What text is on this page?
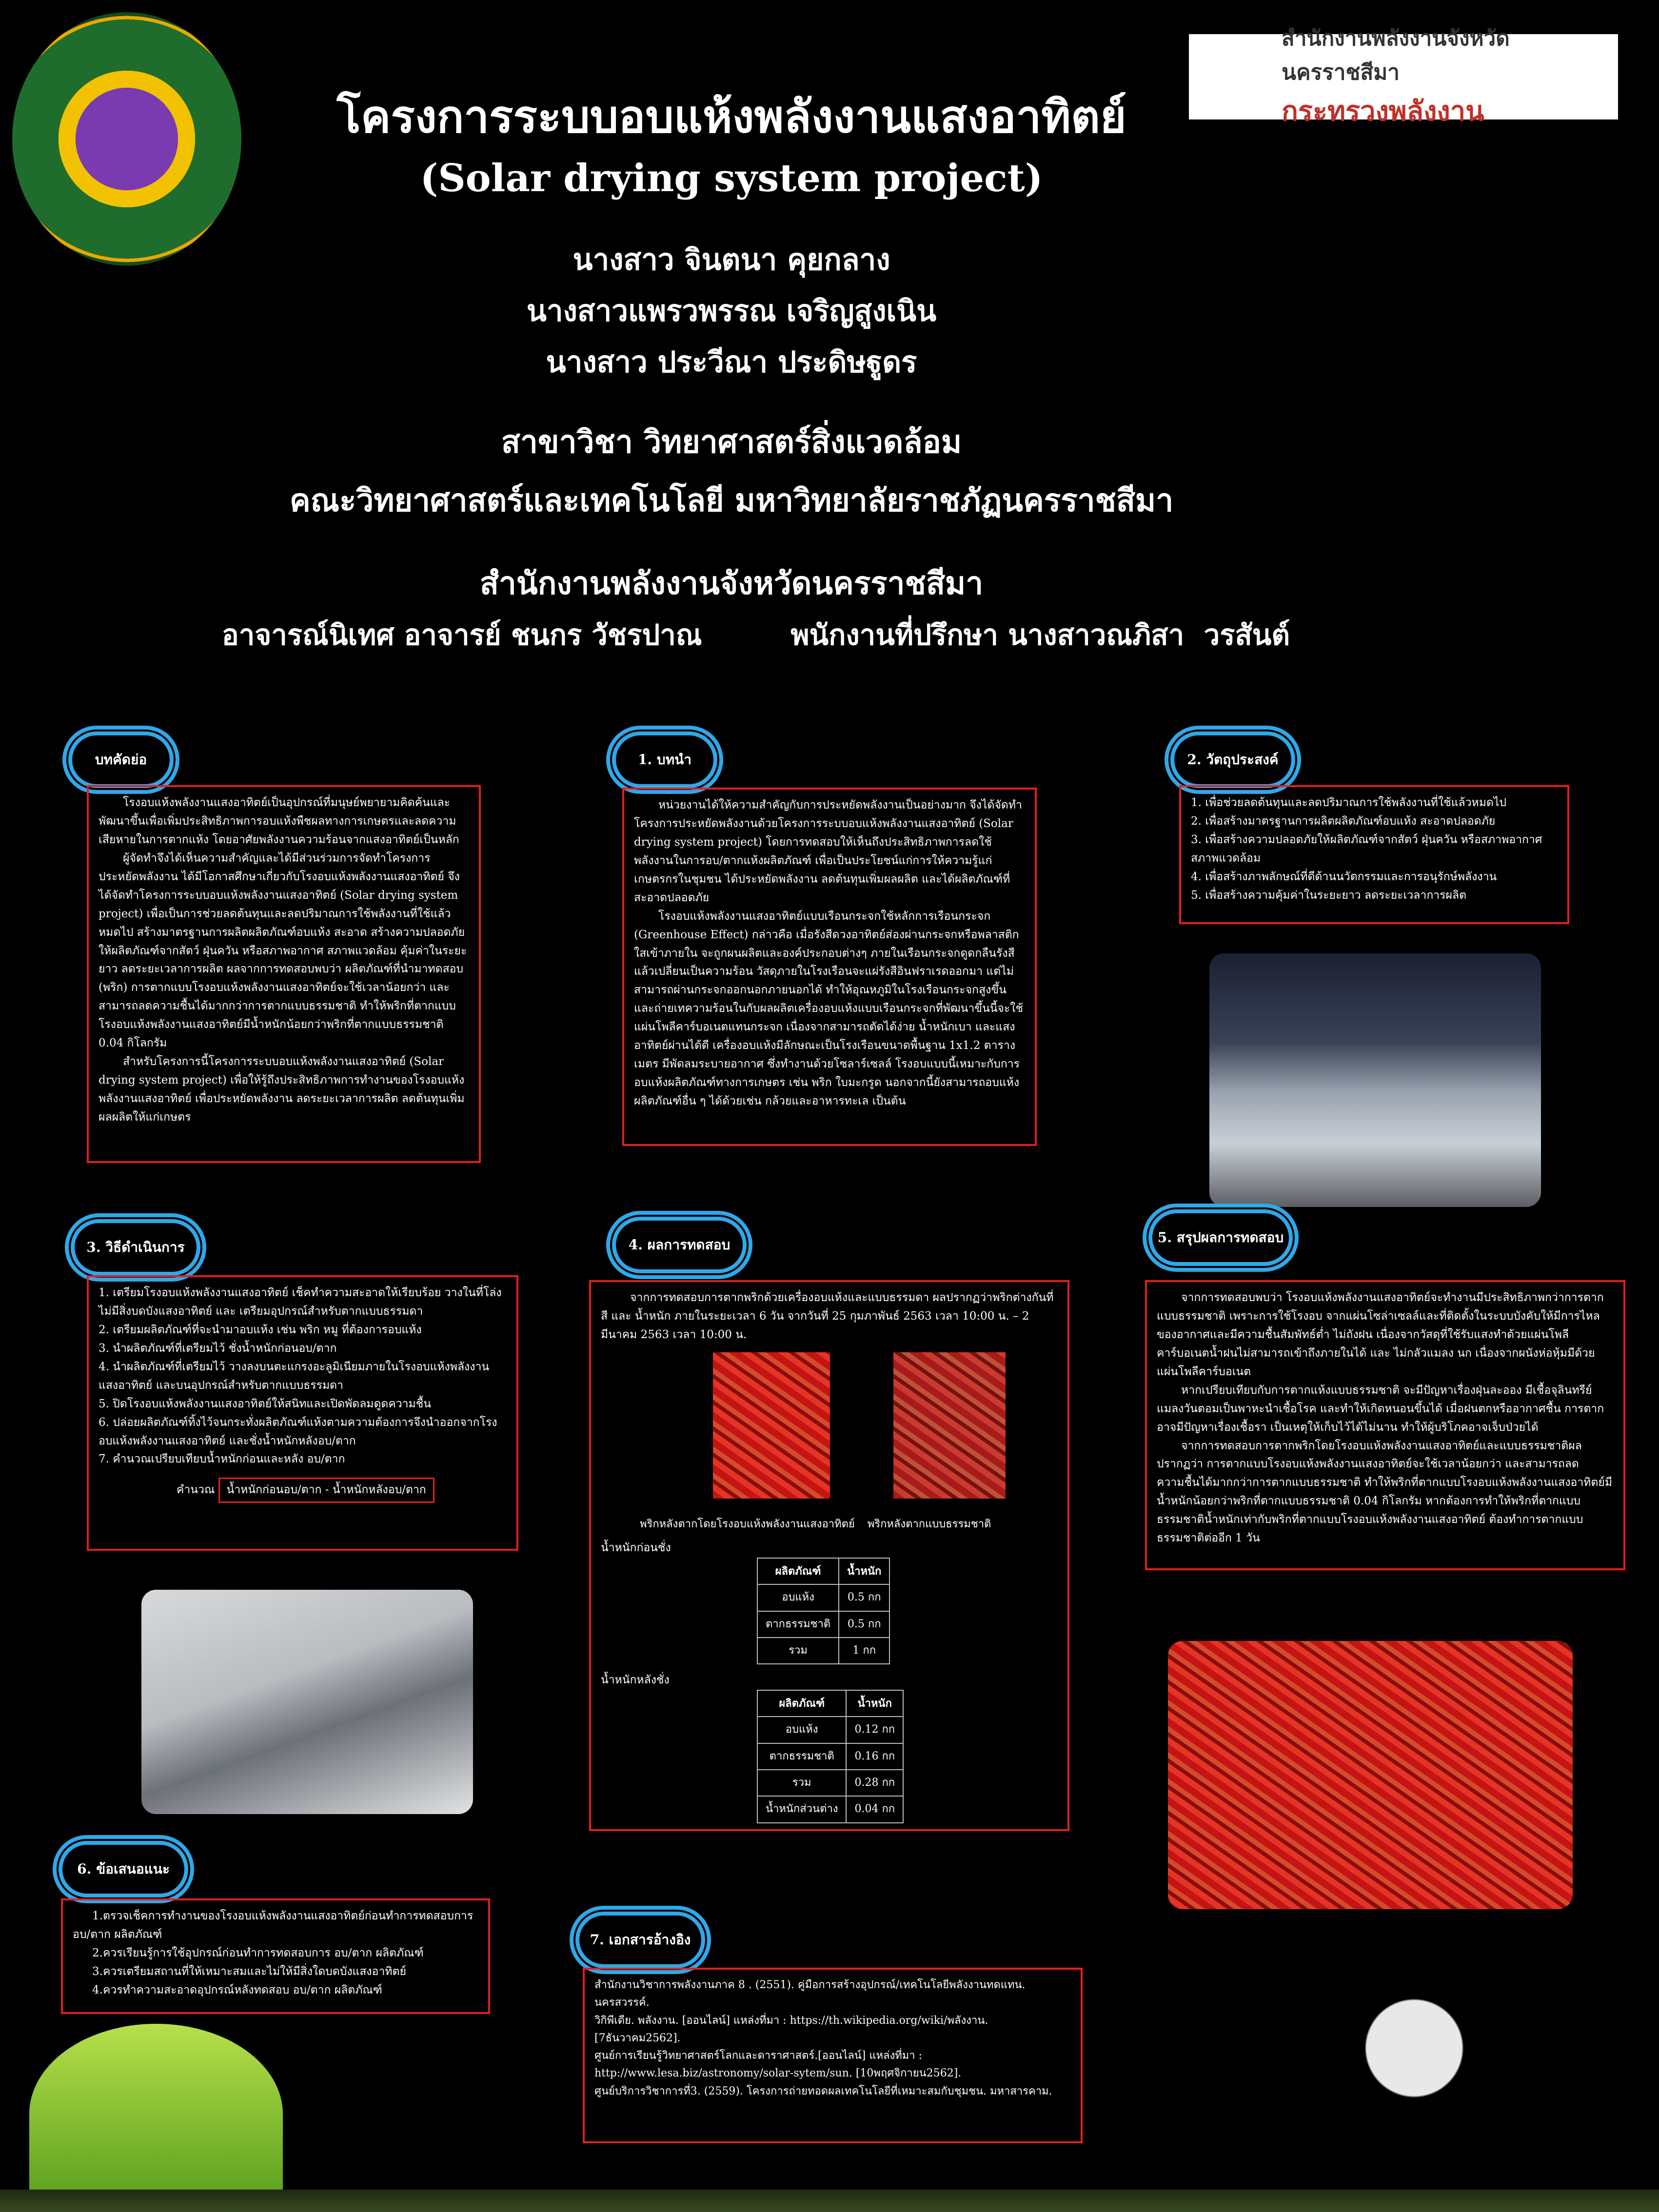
สำนักงานพลังงานจังหวัดนครราชสีมา
กระทรวงพลังงาน
โครงการระบบอบแห้งพลังงานแสงอาทิตย์
(Solar drying system project)
นางสาว จินตนา คุยกลาง
นางสาวแพรวพรรณ เจริญสูงเนิน
นางสาว ประวีณา ประดิษฐูดร
สาขาวิชา วิทยาศาสตร์สิ่งแวดล้อม
คณะวิทยาศาสตร์และเทคโนโลยี มหาวิทยาลัยราชภัฏนครราชสีมา
สำนักงานพลังงานจังหวัดนครราชสีมา
อาจารณ์นิเทศ อาจารย์ ชนกร วัชรปาณ         พนักงานที่ปรึกษา นางสาวณภิสา  วรสันต์
บทคัดย่อ

โรงอบแห้งพลังงานแสงอาทิตย์เป็นอุปกรณ์ที่มนุษย์พยายามคิดค้นและพัฒนาขึ้นเพื่อเพิ่มประสิทธิภาพการอบแห้งพืชผลทางการเกษตรและลดความเสียหายในการตากแห้ง โดยอาศัยพลังงานความร้อนจากแสงอาทิตย์เป็นหลัก

ผู้จัดทำจึงได้เห็นความสำคัญและได้มีส่วนร่วมการจัดทำโครงการประหยัดพลังงาน ได้มีโอกาสศึกษาเกี่ยวกับโรงอบแห้งพลังงานแสงอาทิตย์ จึงได้จัดทำโครงการระบบอบแห้งพลังงานแสงอาทิตย์ (Solar drying system project) เพื่อเป็นการช่วยลดต้นทุนและลดปริมาณการใช้พลังงานที่ใช้แล้วหมดไป สร้างมาตรฐานการผลิตผลิตภัณฑ์อบแห้ง สะอาด สร้างความปลอดภัยให้ผลิตภัณฑ์จากสัตว์ ฝุ่นควัน หรือสภาพอากาศ สภาพแวดล้อม คุ้มค่าในระยะยาว ลดระยะเวลาการผลิต ผลจากการทดสอบพบว่า ผลิตภัณฑ์ที่นำมาทดสอบ (พริก) การตากแบบโรงอบแห้งพลังงานแสงอาทิตย์จะใช้เวลาน้อยกว่า และสามารถลดความชื้นได้มากกว่าการตากแบบธรรมชาติ ทำให้พริกที่ตากแบบโรงอบแห้งพลังงานแสงอาทิตย์มีน้ำหนักน้อยกว่าพริกที่ตากแบบธรรมชาติ 0.04 กิโลกรัม

สำหรับโครงการนี้โครงการระบบอบแห้งพลังงานแสงอาทิตย์ (Solar drying system project) เพื่อให้รู้ถึงประสิทธิภาพการทำงานของโรงอบแห้งพลังงานแสงอาทิตย์ เพื่อประหยัดพลังงาน ลดระยะเวลาการผลิต ลดต้นทุนเพิ่มผลผลิตให้แก่เกษตร

1. บทนำ

หน่วยงานได้ให้ความสำคัญกับการประหยัดพลังงานเป็นอย่างมาก จึงได้จัดทำโครงการประหยัดพลังงานด้วยโครงการระบบอบแห้งพลังงานแสงอาทิตย์ (Solar drying system project) โดยการทดสอบให้เห็นถึงประสิทธิภาพการลดใช้พลังงานในการอบ/ตากแห้งผลิตภัณฑ์ เพื่อเป็นประโยชน์แก่การให้ความรู้แก่เกษตรกรในชุมชน ได้ประหยัดพลังงาน ลดต้นทุนเพิ่มผลผลิต และได้ผลิตภัณฑ์ที่สะอาดปลอดภัย

โรงอบแห้งพลังงานแสงอาทิตย์แบบเรือนกระจกใช้หลักการเรือนกระจก (Greenhouse Effect) กล่าวคือ เมื่อรังสีดวงอาทิตย์ส่องผ่านกระจกหรือพลาสติกใสเข้าภายใน จะถูกผนผลิตและองค์ประกอบต่างๆ ภายในเรือนกระจกดูดกลืนรังสีแล้วเปลี่ยนเป็นความร้อน วัสดุภายในโรงเรือนจะแผ่รังสีอินฟราเรดออกมา แต่ไม่สามารถผ่านกระจกออกนอกภายนอกได้ ทำให้อุณหภูมิในโรงเรือนกระจกสูงขึ้นและถ่ายเทความร้อนในกับผลผลิตเครื่องอบแห้งแบบเรือนกระจกที่พัฒนาขึ้นนี้จะใช้แผ่นโพลีคาร์บอเนตแทนกระจก เนื่องจากสามารถตัดได้ง่าย น้ำหนักเบา และแสงอาทิตย์ผ่านได้ดี เครื่องอบแห้งมีลักษณะเป็นโรงเรือนขนาดพื้นฐาน 1x1.2 ตารางเมตร มีพัดลมระบายอากาศ ซึ่งทำงานด้วยโซลาร์เซลล์ โรงอบแบบนี้เหมาะกับการอบแห้งผลิตภัณฑ์ทางการเกษตร เช่น พริก ใบมะกรูด นอกจากนี้ยังสามารถอบแห้งผลิตภัณฑ์อื่น ๆ ได้ด้วยเช่น กล้วยและอาหารทะเล เป็นต้น

2. วัตถุประสงค์
1. เพื่อช่วยลดต้นทุนและลดปริมาณการใช้พลังงานที่ใช้แล้วหมดไป
2. เพื่อสร้างมาตรฐานการผลิตผลิตภัณฑ์อบแห้ง สะอาดปลอดภัย
3. เพื่อสร้างความปลอดภัยให้ผลิตภัณฑ์จากสัตว์ ฝุ่นควัน หรือสภาพอากาศ สภาพแวดล้อม
4. เพื่อสร้างภาพลักษณ์ที่ดีด้านนวัตกรรมและการอนุรักษ์พลังงาน
5. เพื่อสร้างความคุ้มค่าในระยะยาว ลดระยะเวลาการผลิต
3. วิธีดำเนินการ
1. เตรียมโรงอบแห้งพลังงานแสงอาทิตย์ เช็คทำความสะอาดให้เรียบร้อย วางในที่โล่งไม่มีสิ่งบดบังแสงอาทิตย์ และ เตรียมอุปกรณ์สำหรับตากแบบธรรมดา
2. เตรียมผลิตภัณฑ์ที่จะนำมาอบแห้ง เช่น พริก หมู ที่ต้องการอบแห้ง
3. นำผลิตภัณฑ์ที่เตรียมไว้ ชั่งน้ำหนักก่อนอบ/ตาก
4. นำผลิตภัณฑ์ที่เตรียมไว้ วางลงบนตะแกรงอะลูมิเนียมภายในโรงอบแห้งพลังงานแสงอาทิตย์ และบนอุปกรณ์สำหรับตากแบบธรรมดา
5. ปิดโรงอบแห้งพลังงานแสงอาทิตย์ให้สนิทและเปิดพัดลมดูดความชื้น
6. ปล่อยผลิตภัณฑ์ทิ้งไว้จนกระทั่งผลิตภัณฑ์แห้งตามความต้องการจึงนำออกจากโรงอบแห้งพลังงานแสงอาทิตย์ และชั่งน้ำหนักหลังอบ/ตาก
7. คำนวณเปรียบเทียบน้ำหนักก่อนและหลัง อบ/ตาก
คำนวณ น้ำหนักก่อนอบ/ตาก - น้ำหนักหลังอบ/ตาก
4. ผลการทดสอบ
จากการทดสอบการตากพริกด้วยเครื่องอบแห้งและแบบธรรมดา ผลปรากฏว่าพริกต่างกันที่สี และ น้ำหนัก ภายในระยะเวลา 6 วัน จากวันที่ 25 กุมภาพันธ์ 2563 เวลา 10:00 น. – 2 มีนาคม 2563 เวลา 10:00 น.
พริกหลังตากโดยโรงอบแห้งพลังงานแสงอาทิตย์ พริกหลังตากแบบธรรมชาติ
น้ำหนักก่อนชั่ง
ผลิตภัณฑ์	น้ำหนัก
อบแห้ง	0.5 กก
ตากธรรมชาติ	0.5 กก
รวม	1 กก
น้ำหนักหลังชั่ง
ผลิตภัณฑ์	น้ำหนัก
อบแห้ง	0.12 กก
ตากธรรมชาติ	0.16 กก
รวม	0.28 กก
น้ำหนักส่วนต่าง	0.04 กก
5. สรุปผลการทดสอบ

จากการทดสอบพบว่า โรงอบแห้งพลังงานแสงอาทิตย์จะทำงานมีประสิทธิภาพกว่าการตากแบบธรรมชาติ เพราะการใช้โรงอบ จากแผ่นโซล่าเซลล์และที่ติดตั้งในระบบบังคับให้มีการไหลของอากาศและมีความชื้นสัมพัทธ์ต่ำ ไม่ถังฝน เนื่องจากวัสดุที่ใช้รับแสงทำด้วยแผ่นโพลีคาร์บอเนตน้ำฝนไม่สามารถเข้าถึงภายในได้ และ ไม่กลัวแมลง นก เนื่องจากผนังห่อหุ้มมีด้วยแผ่นโพลีคาร์บอเนต

หากเปรียบเทียบกับการตากแห้งแบบธรรมชาติ จะมีปัญหาเรื่องฝุ่นละออง มีเชื้อจุลินทรีย์ แมลงวันตอมเป็นพาหะนำเชื้อโรค และทำให้เกิดหนอนขึ้นได้ เมื่อฝนตกหรืออากาศชื้น การตากอาจมีปัญหาเรื่องเชื้อรา เป็นเหตุให้เก็บไว้ได้ไม่นาน ทำให้ผู้บริโภคอาจเจ็บป่วยได้

จากการทดสอบการตากพริกโดยโรงอบแห้งพลังงานแสงอาทิตย์และแบบธรรมชาติผลปรากฏว่า การตากแบบโรงอบแห้งพลังงานแสงอาทิตย์จะใช้เวลาน้อยกว่า และสามารถลดความชื้นได้มากกว่าการตากแบบธรรมชาติ ทำให้พริกที่ตากแบบโรงอบแห้งพลังงานแสงอาทิตย์มีน้ำหนักน้อยกว่าพริกที่ตากแบบธรรมชาติ 0.04 กิโลกรัม หากต้องการทำให้พริกที่ตากแบบธรรมชาติน้ำหนักเท่ากับพริกที่ตากแบบโรงอบแห้งพลังงานแสงอาทิตย์ ต้องทำการตากแบบธรรมชาติต่ออีก 1 วัน

6. ข้อเสนอแนะ
1.ตรวจเช็คการทำงานของโรงอบแห้งพลังงานแสงอาทิตย์ก่อนทำการทดสอบการอบ/ตาก ผลิตภัณฑ์
2.ควรเรียนรู้การใช้อุปกรณ์ก่อนทำการทดสอบการ อบ/ตาก ผลิตภัณฑ์
3.ควรเตรียมสถานที่ให้เหมาะสมและไม่ให้มีสิ่งใดบดบังแสงอาทิตย์
4.ควรทำความสะอาดอุปกรณ์หลังทดสอบ อบ/ตาก ผลิตภัณฑ์
7. เอกสารอ้างอิง
สำนักงานวิชาการพลังงานภาค 8 . (2551). คู่มือการสร้างอุปกรณ์/เทคโนโลยีพลังงานทดแทน. นครสวรรค์.
วิกิพีเดีย. พลังงาน. [ออนไลน์] แหล่งที่มา : https://th.wikipedia.org/wiki/พลังงาน.[7ธันวาคม2562].
ศูนย์การเรียนรู้วิทยาศาสตร์โลกและดาราศาสตร์.[ออนไลน์] แหล่งที่มา : http://www.lesa.biz/astronomy/solar-sytem/sun. [10พฤศจิกายน2562].
ศูนย์บริการวิชาการที่3. (2559). โครงการถ่ายทอดผลเทคโนโลยีที่เหมาะสมกับชุมชน. มหาสารคาม.
